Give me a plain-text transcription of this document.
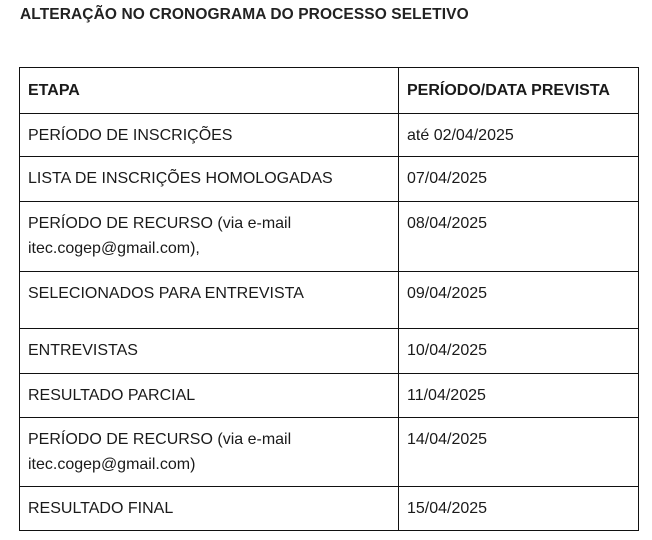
ALTERAÇÃO NO CRONOGRAMA DO PROCESSO SELETIVO
ETAPA	PERÍODO/DATA PREVISTA
PERÍODO DE INSCRIÇÕES	até 02/04/2025
LISTA DE INSCRIÇÕES HOMOLOGADAS	07/04/2025

PERÍODO DE RECURSO (via e-mail
itec.cogep@gmail.com),	08/04/2025
SELECIONADOS PARA ENTREVISTA	09/04/2025
ENTREVISTAS	10/04/2025
RESULTADO PARCIAL	11/04/2025

PERÍODO DE RECURSO (via e-mail
itec.cogep@gmail.com)	14/04/2025
RESULTADO FINAL	15/04/2025
